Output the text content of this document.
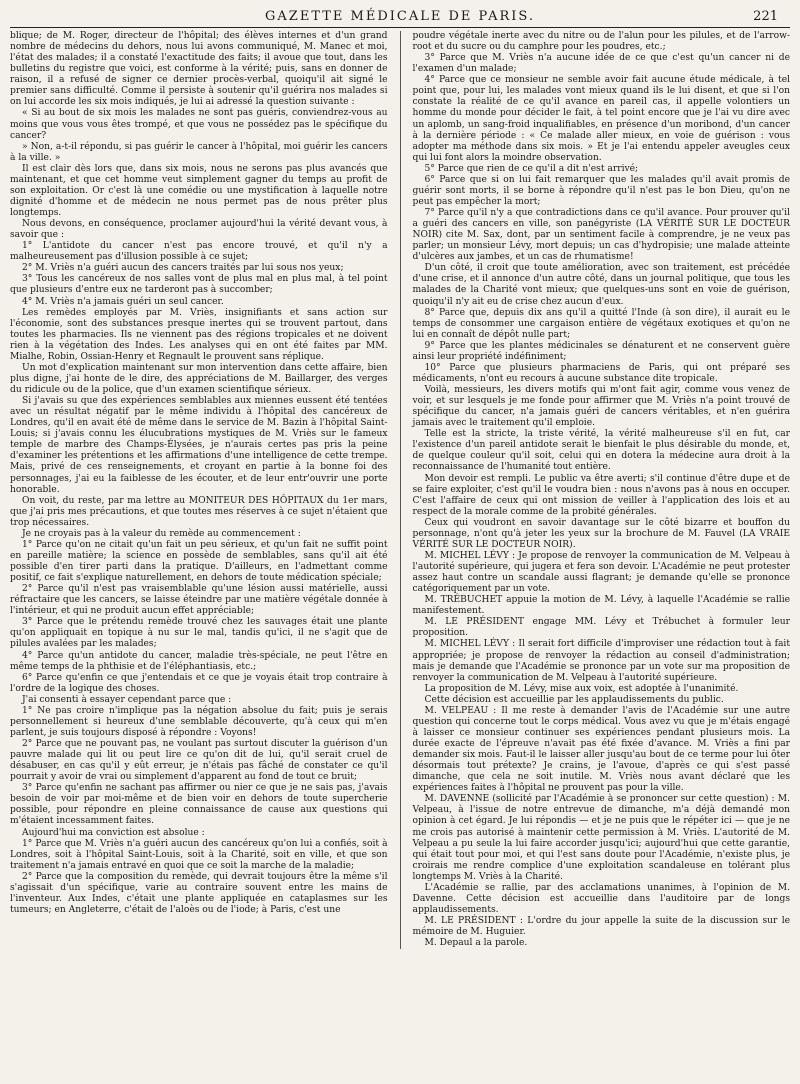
GAZETTE MÉDICALE DE PARIS.	221

blique; de M. Roger, directeur de l'hôpital; des élèves internes et d'un grand nombre de médecins du dehors, nous lui avons communiqué, M. Manec et moi, l'état des malades; il a constaté l'exactitude des faits; il avoue que tout, dans les bulletins du registre que voici, est conforme à la vérité; puis, sans en donner de raison, il a refusé de signer ce dernier procès-verbal, quoiqu'il ait signé le premier sans difficulté. Comme il persiste à soutenir qu'il guérira nos malades si on lui accorde les six mois indiqués, je lui ai adressé la question suivante :

« Si au bout de six mois les malades ne sont pas guéris, conviendrez-vous au moins que vous vous êtes trompé, et que vous ne possédez pas le spécifique du cancer?

» Non, a-t-il répondu, si pas guérir le cancer à l'hôpital, moi guérir les cancers à la ville. »

Il est clair dès lors que, dans six mois, nous ne serons pas plus avancés que maintenant, et que cet homme veut simplement gagner du temps au profit de son exploitation. Or c'est là une comédie ou une mystification à laquelle notre dignité d'homme et de médecin ne nous permet pas de nous prêter plus longtemps.

Nous devons, en conséquence, proclamer aujourd'hui la vérité devant vous, à savoir que :

1° L'antidote du cancer n'est pas encore trouvé, et qu'il n'y a malheureusement pas d'illusion possible à ce sujet;

2° M. Vriès n'a guéri aucun des cancers traités par lui sous nos yeux;

3° Tous les cancéreux de nos salles vont de plus mal en plus mal, à tel point que plusieurs d'entre eux ne tarderont pas à succomber;

4° M. Vriès n'a jamais guéri un seul cancer.

Les remèdes employés par M. Vriès, insignifiants et sans action sur l'économie, sont des substances presque inertes qui se trouvent partout, dans toutes les pharmacies. Ils ne viennent pas des régions tropicales et ne doivent rien à la végétation des Indes. Les analyses qui en ont été faites par MM. Mialhe, Robin, Ossian-Henry et Regnault le prouvent sans réplique.

Un mot d'explication maintenant sur mon intervention dans cette affaire, bien plus digne, j'ai honte de le dire, des appréciations de M. Baillarger, des verges du ridicule ou de la police, que d'un examen scientifique sérieux.

Si j'avais su que des expériences semblables aux miennes eussent été tentées avec un résultat négatif par le même individu à l'hôpital des cancéreux de Londres, qu'il en avait été de même dans le service de M. Bazin à l'hôpital Saint-Louis; si j'avais connu les élucubrations mystiques de M. Vriès sur le fameux temple de marbre des Champs-Élysées, je n'aurais certes pas pris la peine d'examiner les prétentions et les affirmations d'une intelligence de cette trempe. Mais, privé de ces renseignements, et croyant en partie à la bonne foi des personnages, j'ai eu la faiblesse de les écouter, et de leur entr'ouvrir une porte honorable.

On voit, du reste, par ma lettre au MONITEUR DES HÔPITAUX du 1er mars, que j'ai pris mes précautions, et que toutes mes réserves à ce sujet n'étaient que trop nécessaires.

Je ne croyais pas à la valeur du remède au commencement :

1° Parce qu'on ne citait qu'un fait un peu sérieux, et qu'un fait ne suffit point en pareille matière; la science en possède de semblables, sans qu'il ait été possible d'en tirer parti dans la pratique. D'ailleurs, en l'admettant comme positif, ce fait s'explique naturellement, en dehors de toute médication spéciale;

2° Parce qu'il n'est pas vraisemblable qu'une lésion aussi matérielle, aussi réfractaire que les cancers, se laisse éteindre par une matière végétale donnée à l'intérieur, et qui ne produit aucun effet appréciable;

3° Parce que le prétendu remède trouvé chez les sauvages était une plante qu'on appliquait en topique à nu sur le mal, tandis qu'ici, il ne s'agit que de pilules avalées par les malades;

4° Parce qu'un antidote du cancer, maladie très-spéciale, ne peut l'être en même temps de la phthisie et de l'éléphantiasis, etc.;

6° Parce qu'enfin ce que j'entendais et ce que je voyais était trop contraire à l'ordre de la logique des choses.

J'ai consenti à essayer cependant parce que :

1° Ne pas croire n'implique pas la négation absolue du fait; puis je serais personnellement si heureux d'une semblable découverte, qu'à ceux qui m'en parlent, je suis toujours disposé à répondre : Voyons!

2° Parce que ne pouvant pas, ne voulant pas surtout discuter la guérison d'un pauvre malade qui lit ou peut lire ce qu'on dit de lui, qu'il serait cruel de désabuser, en cas qu'il y eût erreur, je n'étais pas fâché de constater ce qu'il pourrait y avoir de vrai ou simplement d'apparent au fond de tout ce bruit;

3° Parce qu'enfin ne sachant pas affirmer ou nier ce que je ne sais pas, j'avais besoin de voir par moi-même et de bien voir en dehors de toute supercherie possible, pour répondre en pleine connaissance de cause aux questions qui m'étaient incessamment faites.

Aujourd'hui ma conviction est absolue :

1° Parce que M. Vriès n'a guéri aucun des cancéreux qu'on lui a confiés, soit à Londres, soit à l'hôpital Saint-Louis, soit à la Charité, soit en ville, et que son traitement n'a jamais entravé en quoi que ce soit la marche de la maladie;

2° Parce que la composition du remède, qui devrait toujours être la même s'il s'agissait d'un spécifique, varie au contraire souvent entre les mains de l'inventeur. Aux Indes, c'était une plante appliquée en cataplasmes sur les tumeurs; en Angleterre, c'était de l'aloès ou de l'iode; à Paris, c'est une

poudre végétale inerte avec du nitre ou de l'alun pour les pilules, et de l'arrow-root et du sucre ou du camphre pour les poudres, etc.;

3° Parce que M. Vriès n'a aucune idée de ce que c'est qu'un cancer ni de l'examen d'un malade;

4° Parce que ce monsieur ne semble avoir fait aucune étude médicale, à tel point que, pour lui, les malades vont mieux quand ils le lui disent, et que si l'on constate la réalité de ce qu'il avance en pareil cas, il appelle volontiers un homme du monde pour décider le fait, à tel point encore que je l'ai vu dire avec un aplomb, un sang-froid inqualifiables, en présence d'un moribond, d'un cancer à la dernière période : « Ce malade aller mieux, en voie de guérison : vous adopter ma méthode dans six mois. » Et je l'ai entendu appeler aveugles ceux qui lui font alors la moindre observation.

5° Parce que rien de ce qu'il a dit n'est arrivé;

6° Parce que si on lui fait remarquer que les malades qu'il avait promis de guérir sont morts, il se borne à répondre qu'il n'est pas le bon Dieu, qu'on ne peut pas empêcher la mort;

7° Parce qu'il n'y a que contradictions dans ce qu'il avance. Pour prouver qu'il a guéri des cancers en ville, son panégyriste (LA VÉRITÉ SUR LE DOCTEUR NOIR) cite M. Sax, dont, par un sentiment facile à comprendre, je ne veux pas parler; un monsieur Lévy, mort depuis; un cas d'hydropisie; une malade atteinte d'ulcères aux jambes, et un cas de rhumatisme!

D'un côté, il croit que toute amélioration, avec son traitement, est précédée d'une crise, et il annonce d'un autre côté, dans un journal politique, que tous les malades de la Charité vont mieux; que quelques-uns sont en voie de guérison, quoiqu'il n'y ait eu de crise chez aucun d'eux.

8° Parce que, depuis dix ans qu'il a quitté l'Inde (à son dire), il aurait eu le temps de consommer une cargaison entière de végétaux exotiques et qu'on ne lui en connaît de dépôt nulle part;

9° Parce que les plantes médicinales se dénaturent et ne conservent guère ainsi leur propriété indéfiniment;

10° Parce que plusieurs pharmaciens de Paris, qui ont préparé ses médicaments, n'ont eu recours à aucune substance dite tropicale.

Voilà, messieurs, les divers motifs qui m'ont fait agir, comme vous venez de voir, et sur lesquels je me fonde pour affirmer que M. Vriès n'a point trouvé de spécifique du cancer, n'a jamais guéri de cancers véritables, et n'en guérira jamais avec le traitement qu'il emploie.

Telle est la stricte, la triste vérité, la vérité malheureuse s'il en fut, car l'existence d'un pareil antidote serait le bienfait le plus désirable du monde, et, de quelque couleur qu'il soit, celui qui en dotera la médecine aura droit à la reconnaissance de l'humanité tout entière.

Mon devoir est rempli. Le public va être averti; s'il continue d'être dupe et de se faire exploiter, c'est qu'il le voudra bien : nous n'avons pas à nous en occuper. C'est l'affaire de ceux qui ont mission de veiller à l'application des lois et au respect de la morale comme de la probité générales.

Ceux qui voudront en savoir davantage sur le côté bizarre et bouffon du personnage, n'ont qu'à jeter les yeux sur la brochure de M. Fauvel (LA VRAIE VÉRITÉ SUR LE DOCTEUR NOIR).

M. MICHEL LÉVY : Je propose de renvoyer la communication de M. Velpeau à l'autorité supérieure, qui jugera et fera son devoir. L'Académie ne peut protester assez haut contre un scandale aussi flagrant; je demande qu'elle se prononce catégoriquement par un vote.

M. TRÉBUCHET appuie la motion de M. Lévy, à laquelle l'Académie se rallie manifestement.

M. LE PRÉSIDENT engage MM. Lévy et Trébuchet à formuler leur proposition.

M. MICHEL LÉVY : Il serait fort difficile d'improviser une rédaction tout à fait appropriée; je propose de renvoyer la rédaction au conseil d'administration; mais je demande que l'Académie se prononce par un vote sur ma proposition de renvoyer la communication de M. Velpeau à l'autorité supérieure.

La proposition de M. Lévy, mise aux voix, est adoptée à l'unanimité.

Cette décision est accueillie par les applaudissements du public.

M. VELPEAU : Il me reste à demander l'avis de l'Académie sur une autre question qui concerne tout le corps médical. Vous avez vu que je m'étais engagé à laisser ce monsieur continuer ses expériences pendant plusieurs mois. La durée exacte de l'épreuve n'avait pas été fixée d'avance. M. Vriès a fini par demander six mois. Faut-il le laisser aller jusqu'au bout de ce terme pour lui ôter désormais tout prétexte? Je crains, je l'avoue, d'après ce qui s'est passé dimanche, que cela ne soit inutile. M. Vriès nous avant déclaré que les expériences faites à l'hôpital ne prouvent pas pour la ville.

M. DAVENNE (sollicité par l'Académie à se prononcer sur cette question) : M. Velpeau, à l'issue de notre entrevue de dimanche, m'a déjà demandé mon opinion à cet égard. Je lui répondis — et je ne puis que le répéter ici — que je ne me crois pas autorisé à maintenir cette permission à M. Vriès. L'autorité de M. Velpeau a pu seule la lui faire accorder jusqu'ici; aujourd'hui que cette garantie, qui était tout pour moi, et qui l'est sans doute pour l'Académie, n'existe plus, je croirais me rendre complice d'une exploitation scandaleuse en tolérant plus longtemps M. Vriès à la Charité.

L'Académie se rallie, par des acclamations unanimes, à l'opinion de M. Davenne. Cette décision est accueillie dans l'auditoire par de longs applaudissements.

M. LE PRÉSIDENT : L'ordre du jour appelle la suite de la discussion sur le mémoire de M. Huguier.

M. Depaul a la parole.
